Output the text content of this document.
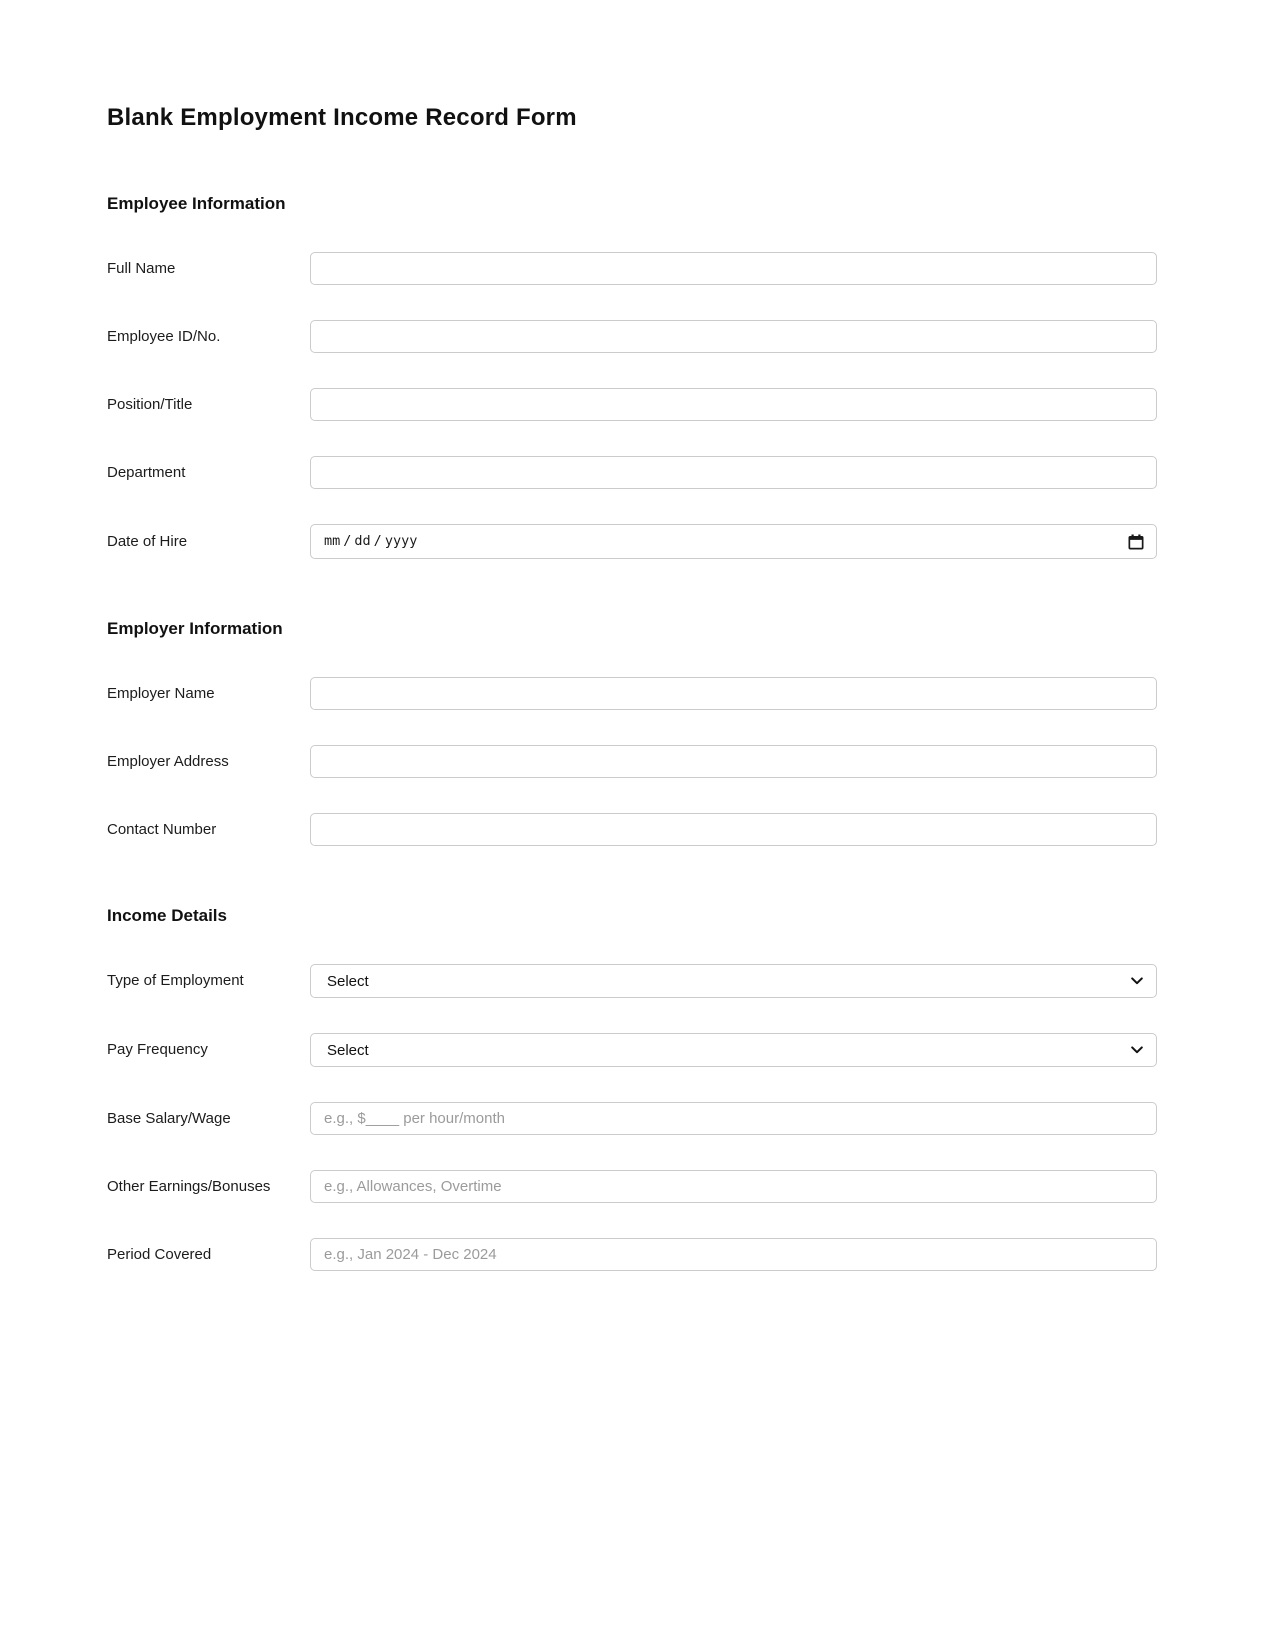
Blank Employment Income Record Form
Employee Information
Full Name
Employee ID/No.
Position/Title
Department
Date of Hire	mm / dd / yyyy
Employer Information
Employer Name
Employer Address
Contact Number
Income Details
Type of Employment
Select
Pay Frequency
Select
Base Salary/Wage
e.g., $____ per hour/month
Other Earnings/Bonuses
e.g., Allowances, Overtime
Period Covered
e.g., Jan 2024 - Dec 2024
